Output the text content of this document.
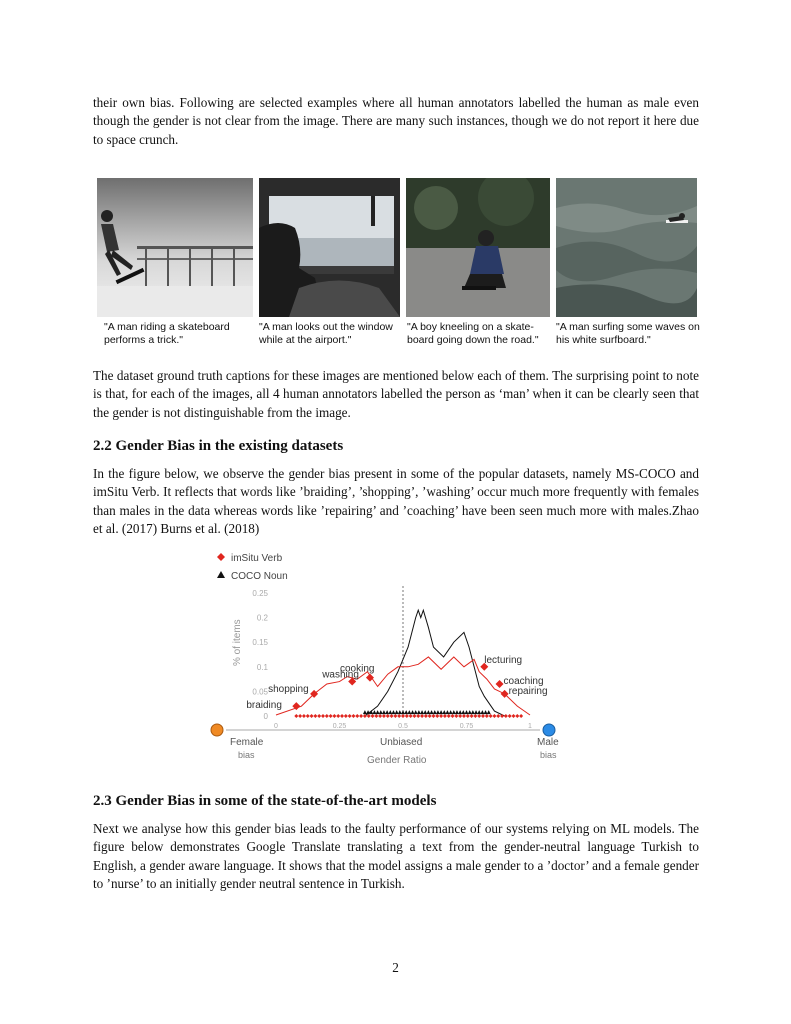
their own bias. Following are selected examples where all human annotators labelled the human as male even though the gender is not clear from the image. There are many such instances, though we do not report it here due to space crunch.

"A man riding a skateboard performs a trick."

"A man looks out the window while at the airport."

"A boy kneeling on a skate-board going down the road."

"A man surfing some waves on his white surfboard."

The dataset ground truth captions for these images are mentioned below each of them. The surprising point to note is that, for each of the images, all 4 human annotators labelled the person as ‘man’ when it can be clearly seen that the gender is not distinguishable from the image.

2.2 Gender Bias in the existing datasets

In the figure below, we observe the gender bias present in some of the popular datasets, namely MS-COCO and imSitu Verb. It reflects that words like ’braiding’, ’shopping’, ’washing’ occur much more frequently with females than males in the data whereas words like ’repairing’ and ’coaching’ have been seen much more with males.Zhao et al. (2017) Burns et al. (2018)

imSitu Verb
COCO Noun
% of items
0
0.05
0.1
0.15
0.2
0.25
0	0.25	0.5	0.75	1
braiding
shopping
washing
cooking
lecturing
coaching
repairing
Female
bias
Unbiased	Male
bias
Gender Ratio
2.3 Gender Bias in some of the state-of-the-art models

Next we analyse how this gender bias leads to the faulty performance of our systems relying on ML models. The figure below demonstrates Google Translate translating a text from the gender-neutral language Turkish to English, a gender aware language. It shows that the model assigns a male gender to a ’doctor’ and a female gender to ’nurse’ to an initially gender neutral sentence in Turkish.

2
